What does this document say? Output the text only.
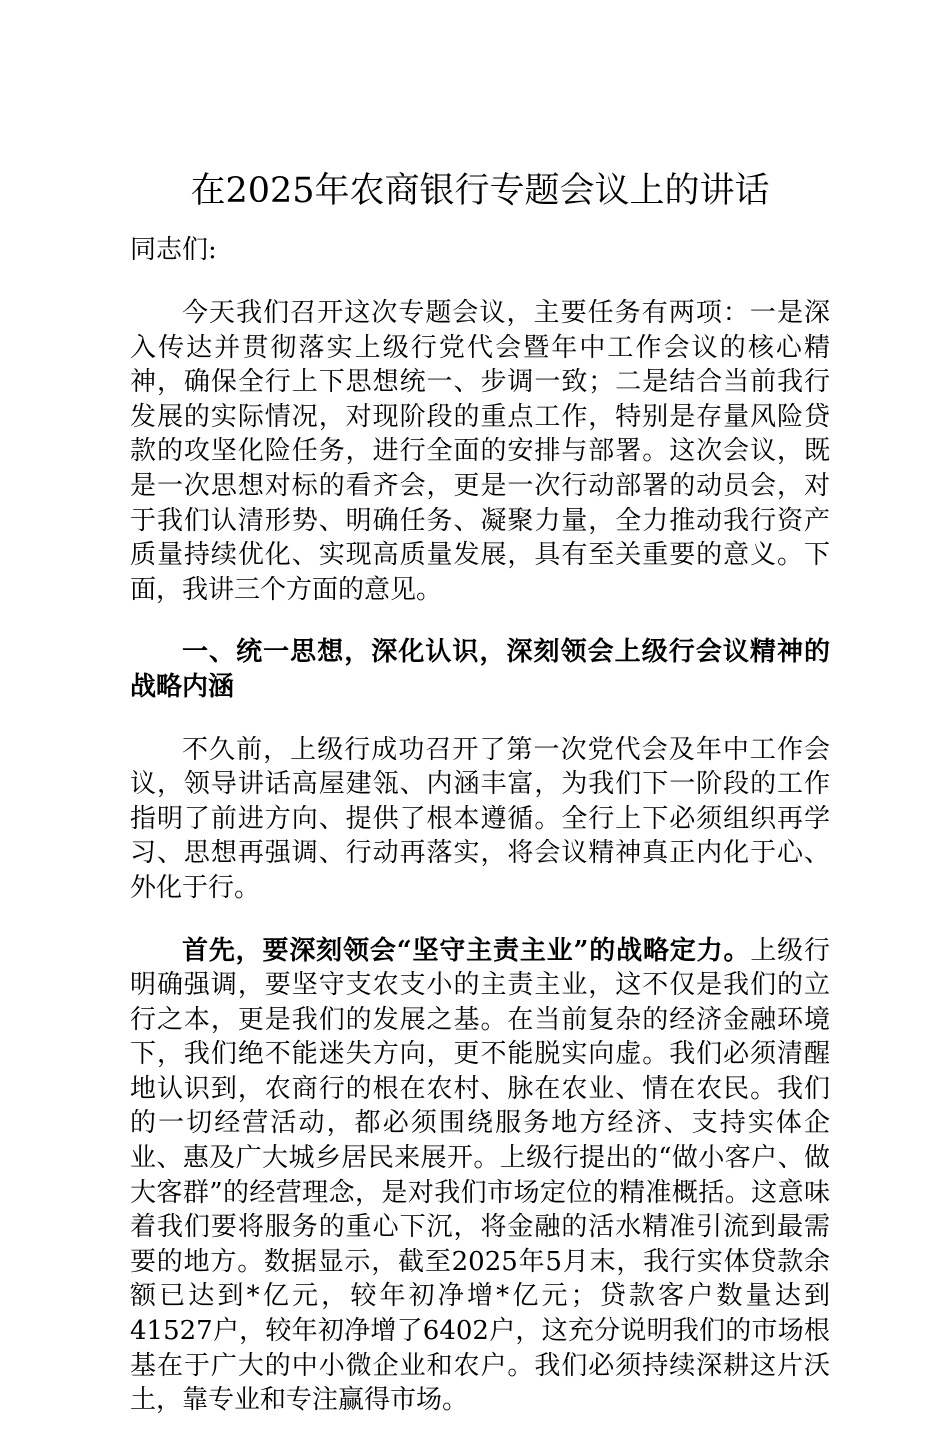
在2025年农商银行专题会议上的讲话
同志们:

今天我们召开这次专题会议，主要任务有两项：一是深入传达并贯彻落实上级行党代会暨年中工作会议的核心精神，确保全行上下思想统一、步调一致；二是结合当前我行发展的实际情况，对现阶段的重点工作，特别是存量风险贷款的攻坚化险任务，进行全面的安排与部署。这次会议，既是一次思想对标的看齐会，更是一次行动部署的动员会，对于我们认清形势、明确任务、凝聚力量，全力推动我行资产质量持续优化、实现高质量发展，具有至关重要的意义。下面，我讲三个方面的意见。

一、统一思想，深化认识，深刻领会上级行会议精神的战略内涵

不久前，上级行成功召开了第一次党代会及年中工作会议，领导讲话高屋建瓴、内涵丰富，为我们下一阶段的工作指明了前进方向、提供了根本遵循。全行上下必须组织再学习、思想再强调、行动再落实，将会议精神真正内化于心、外化于行。

首先，要深刻领会“坚守主责主业”的战略定力。上级行明确强调，要坚守支农支小的主责主业，这不仅是我们的立行之本，更是我们的发展之基。在当前复杂的经济金融环境下，我们绝不能迷失方向，更不能脱实向虚。我们必须清醒地认识到，农商行的根在农村、脉在农业、情在农民。我们的一切经营活动，都必须围绕服务地方经济、支持实体企业、惠及广大城乡居民来展开。上级行提出的“做小客户、做大客群”的经营理念，是对我们市场定位的精准概括。这意味着我们要将服务的重心下沉，将金融的活水精准引流到最需要的地方。数据显示，截至2025年5月末，我行实体贷款余额已达到*亿元，较年初净增*亿元；贷款客户数量达到41527户，较年初净增了6402户，这充分说明我们的市场根基在于广大的中小微企业和农户。我们必须持续深耕这片沃土，靠专业和专注赢得市场。
